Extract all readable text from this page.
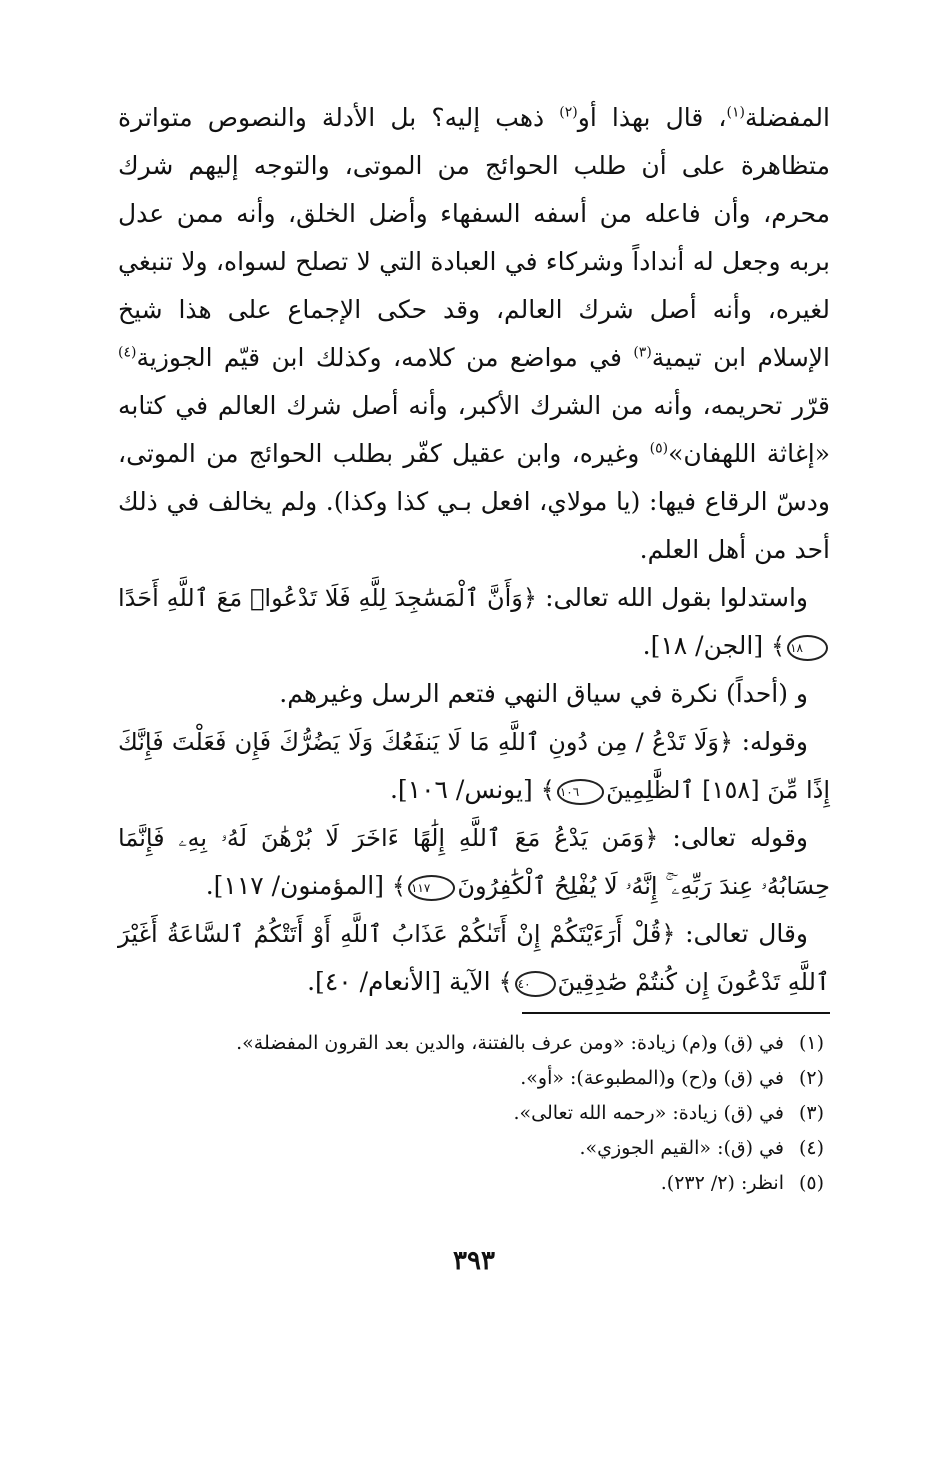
المفضلة$^{(١)}$، قال بهذا أو$^{(٢)}$ ذهب إليه؟ بل الأدلة والنصوص متواترة متظاهرة على أن طلب الحوائج من الموتى، والتوجه إليهم شرك محرم، وأن فاعله من أسفه السفهاء وأضل الخلق، وأنه ممن عدل بربه وجعل له أنداداً وشركاء في العبادة التي لا تصلح لسواه، ولا تنبغي لغيره، وأنه أصل شرك العالم، وقد حكى الإجماع على هذا شيخ الإسلام ابن تيمية$^{(٣)}$ في مواضع من كلامه، وكذلك ابن قيّم الجوزية$^{(٤)}$ قرّر تحريمه، وأنه من الشرك الأكبر، وأنه أصل شرك العالم في كتابه «إغاثة اللهفان»$^{(٥)}$ وغيره، وابن عقيل كفّر بطلب الحوائج من الموتى، ودسّ الرقاع فيها: (يا مولاي، افعل بـي كذا وكذا). ولم يخالف في ذلك أحد من أهل العلم.

واستدلوا بقول الله تعالى: ﴿وَأَنَّ ٱلْمَسَٰجِدَ لِلَّهِ فَلَا تَدْعُوا۟ مَعَ ٱللَّهِ أَحَدًا١٨﴾ [الجن/ ١٨].

و (أحداً) نكرة في سياق النهي فتعم الرسل وغيرهم.

وقوله: ﴿وَلَا تَدْعُ / مِن دُونِ ٱللَّهِ مَا لَا يَنفَعُكَ وَلَا يَضُرُّكَ فَإِن فَعَلْتَ فَإِنَّكَ إِذًا مِّنَ [١٥٨] ٱلظَّٰلِمِينَ١٠٦﴾ [يونس/ ١٠٦].

وقوله تعالى: ﴿وَمَن يَدْعُ مَعَ ٱللَّهِ إِلَٰهًا ءَاخَرَ لَا بُرْهَٰنَ لَهُۥ بِهِۦ فَإِنَّمَا حِسَابُهُۥ عِندَ رَبِّهِۦٓ ۚ إِنَّهُۥ لَا يُفْلِحُ ٱلْكَٰفِرُونَ١١٧﴾ [المؤمنون/ ١١٧].

وقال تعالى: ﴿قُلْ أَرَءَيْتَكُمْ إِنْ أَتَىٰكُمْ عَذَابُ ٱللَّهِ أَوْ أَتَتْكُمُ ٱلسَّاعَةُ أَغَيْرَ ٱللَّهِ تَدْعُونَ إِن كُنتُمْ صَٰدِقِينَ٤٠﴾ الآية [الأنعام/ ٤٠].

(١)في (ق) و(م) زيادة: «ومن عرف بالفتنة، والدين بعد القرون المفضلة».
(٢)في (ق) و(ح) و(المطبوعة): «أو».
(٣)في (ق) زيادة: «رحمه الله تعالى».
(٤)في (ق): «القيم الجوزي».
(٥)انظر: (٢/ ٢٣٢).
٣٩٣
